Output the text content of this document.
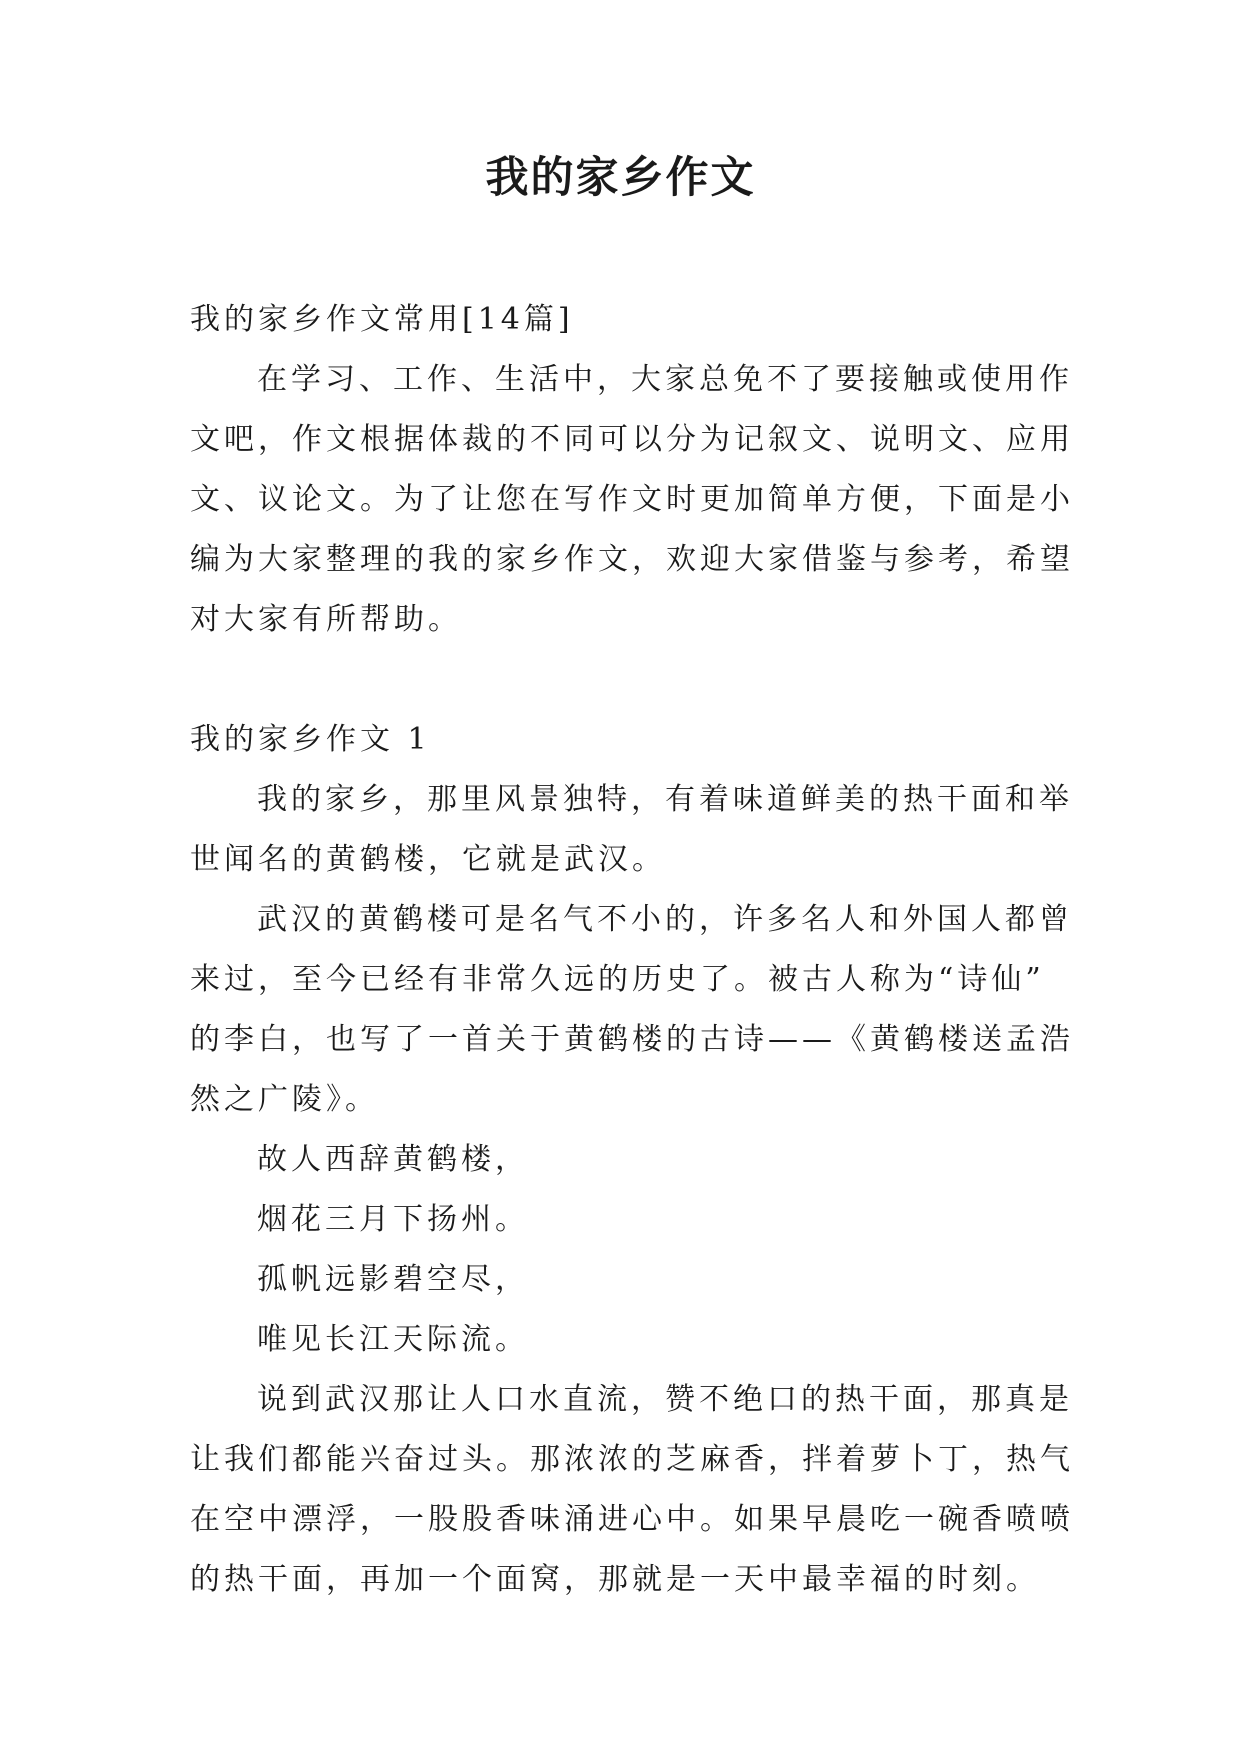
我的家乡作文

我的家乡作文常用[14篇]

在学习、工作、生活中，大家总免不了要接触或使用作

文吧，作文根据体裁的不同可以分为记叙文、说明文、应用

文、议论文。为了让您在写作文时更加简单方便，下面是小

编为大家整理的我的家乡作文，欢迎大家借鉴与参考，希望

对大家有所帮助。

我的家乡作文 1

我的家乡，那里风景独特，有着味道鲜美的热干面和举

世闻名的黄鹤楼，它就是武汉。

武汉的黄鹤楼可是名气不小的，许多名人和外国人都曾

来过，至今已经有非常久远的历史了。被古人称为“诗仙”

的李白，也写了一首关于黄鹤楼的古诗——《黄鹤楼送孟浩

然之广陵》。

故人西辞黄鹤楼，

烟花三月下扬州。

孤帆远影碧空尽，

唯见长江天际流。

说到武汉那让人口水直流，赞不绝口的热干面，那真是

让我们都能兴奋过头。那浓浓的芝麻香，拌着萝卜丁，热气

在空中漂浮，一股股香味涌进心中。如果早晨吃一碗香喷喷

的热干面，再加一个面窝，那就是一天中最幸福的时刻。
